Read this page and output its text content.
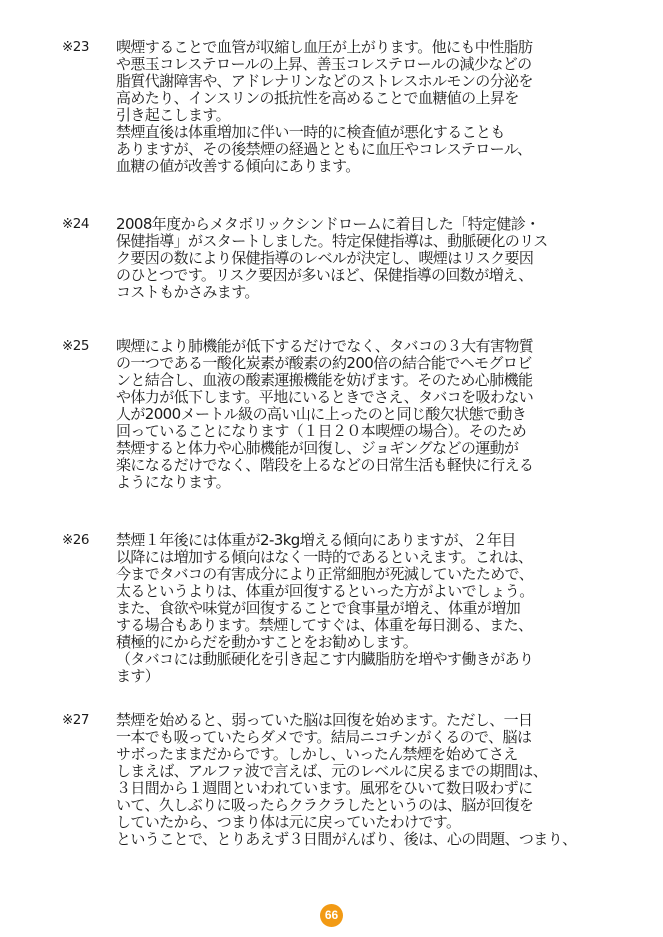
※23 喫煙することで血管が収縮し血圧が上がります。他にも中性脂肪
や悪玉コレステロールの上昇、善玉コレステロールの減少などの
脂質代謝障害や、アドレナリンなどのストレスホルモンの分泌を
高めたり、インスリンの抵抗性を高めることで血糖値の上昇を
引き起こします。
禁煙直後は体重増加に伴い一時的に検査値が悪化することも
ありますが、その後禁煙の経過とともに血圧やコレステロール、
血糖の値が改善する傾向にあります。
※24 2008年度からメタボリックシンドロームに着目した「特定健診・
保健指導」がスタートしました。特定保健指導は、動脈硬化のリス
ク要因の数により保健指導のレベルが決定し、喫煙はリスク要因
のひとつです。リスク要因が多いほど、保健指導の回数が増え、
コストもかさみます。
※25 喫煙により肺機能が低下するだけでなく、タバコの３大有害物質
の一つである一酸化炭素が酸素の約200倍の結合能でヘモグロビ
ンと結合し、血液の酸素運搬機能を妨げます。そのため心肺機能
や体力が低下します。平地にいるときでさえ、タバコを吸わない
人が2000メートル級の高い山に上ったのと同じ酸欠状態で動き
回っていることになります（１日２０本喫煙の場合）。そのため
禁煙すると体力や心肺機能が回復し、ジョギングなどの運動が
楽になるだけでなく、階段を上るなどの日常生活も軽快に行える
ようになります。
※26 禁煙１年後には体重が2-3kg増える傾向にありますが、２年目
以降には増加する傾向はなく一時的であるといえます。これは、
今までタバコの有害成分により正常細胞が死滅していたためで、
太るというよりは、体重が回復するといった方がよいでしょう。
また、食欲や味覚が回復することで食事量が増え、体重が増加
する場合もあります。禁煙してすぐは、体重を毎日測る、また、
積極的にからだを動かすことをお勧めします。
（タバコには動脈硬化を引き起こす内臓脂肪を増やす働きがあり
ます）
※27 禁煙を始めると、弱っていた脳は回復を始めます。ただし、一日
一本でも吸っていたらダメです。結局ニコチンがくるので、脳は
サボったままだからです。しかし、いったん禁煙を始めてさえ
しまえば、アルファ波で言えば、元のレベルに戻るまでの期間は、
３日間から１週間といわれています。風邪をひいて数日吸わずに
いて、久しぶりに吸ったらクラクラしたというのは、脳が回復を
していたから、つまり体は元に戻っていたわけです。
ということで、とりあえず３日間がんばり、後は、心の問題、つまり、
66
